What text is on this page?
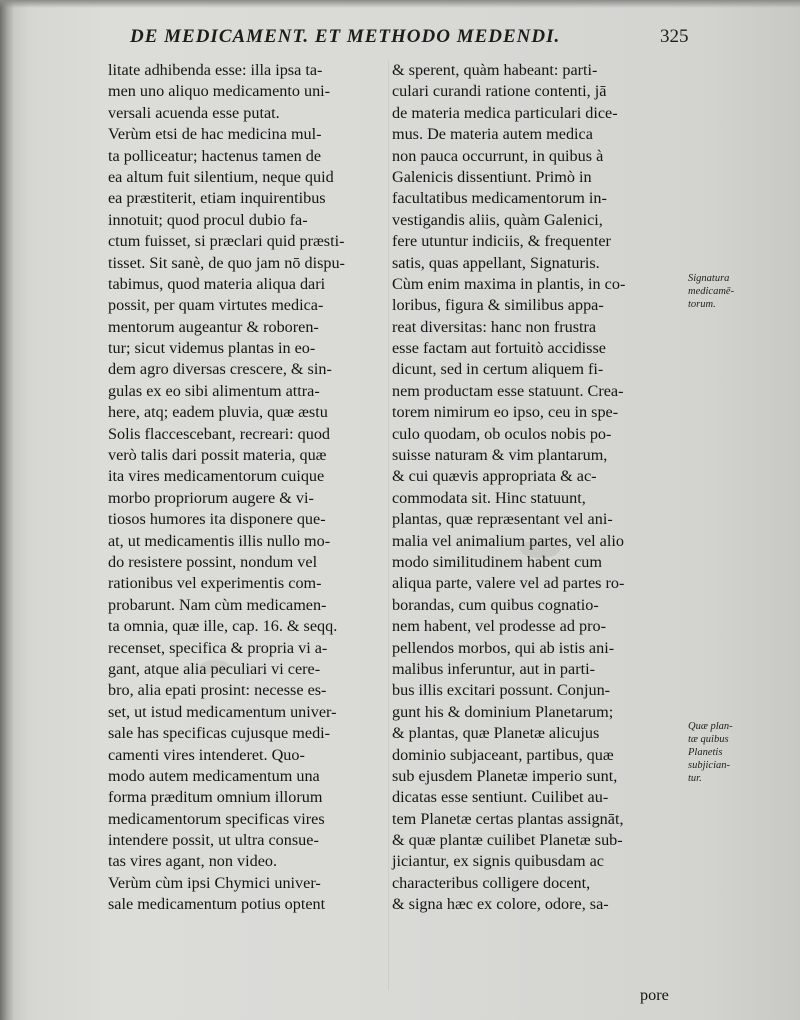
DE MEDICAMENT. ET METHODO MEDENDI.	325
litate adhibenda esse: illa ipsa ta-
men uno aliquo medicamento uni-
versali acuenda esse putat.
Verùm etsi de hac medicina mul-
ta polliceatur; hactenus tamen de
ea altum fuit silentium, neque quid
ea præstiterit, etiam inquirentibus
innotuit; quod procul dubio fa-
ctum fuisset, si præclari quid præsti-
tisset. Sit sanè, de quo jam nō dispu-
tabimus, quod materia aliqua dari
possit, per quam virtutes medica-
mentorum augeantur & roboren-
tur; sicut videmus plantas in eo-
dem agro diversas crescere, & sin-
gulas ex eo sibi alimentum attra-
here, atq; eadem pluvia, quæ æstu
Solis flaccescebant, recreari: quod
verò talis dari possit materia, quæ
ita vires medicamentorum cuique
morbo propriorum augere & vi-
tiosos humores ita disponere que-
at, ut medicamentis illis nullo mo-
do resistere possint, nondum vel
rationibus vel experimentis com-
probarunt. Nam cùm medicamen-
ta omnia, quæ ille, cap. 16. & seqq.
recenset, specifica & propria vi a-
gant, atque alia peculiari vi cere-
bro, alia epati prosint: necesse es-
set, ut istud medicamentum univer-
sale has specificas cujusque medi-
camenti vires intenderet. Quo-
modo autem medicamentum una
forma præditum omnium illorum
medicamentorum specificas vires
intendere possit, ut ultra consue-
tas vires agant, non video.
Verùm cùm ipsi Chymici univer-
sale medicamentum potius optent
& sperent, quàm habeant: parti-
culari curandi ratione contenti, jā
de materia medica particulari dice-
mus. De materia autem medica
non pauca occurrunt, in quibus à
Galenicis dissentiunt. Primò in
facultatibus medicamentorum in-
vestigandis aliis, quàm Galenici,
fere utuntur indiciis, & frequenter
satis, quas appellant, Signaturis.
Cùm enim maxima in plantis, in co-
loribus, figura & similibus appa-
reat diversitas: hanc non frustra
esse factam aut fortuitò accidisse
dicunt, sed in certum aliquem fi-
nem productam esse statuunt. Crea-
torem nimirum eo ipso, ceu in spe-
culo quodam, ob oculos nobis po-
suisse naturam & vim plantarum,
& cui quævis appropriata & ac-
commodata sit. Hinc statuunt,
plantas, quæ repræsentant vel ani-
malia vel animalium partes, vel alio
modo similitudinem habent cum
aliqua parte, valere vel ad partes ro-
borandas, cum quibus cognatio-
nem habent, vel prodesse ad pro-
pellendos morbos, qui ab istis ani-
malibus inferuntur, aut in parti-
bus illis excitari possunt. Conjun-
gunt his & dominium Planetarum;
& plantas, quæ Planetæ alicujus
dominio subjaceant, partibus, quæ
sub ejusdem Planetæ imperio sunt,
dicatas esse sentiunt. Cuilibet au-
tem Planetæ certas plantas assignāt,
& quæ plantæ cuilibet Planetæ sub-
jiciantur, ex signis quibusdam ac
characteribus colligere docent,
& signa hæc ex colore, odore, sa-
Signatura
medicamē-
torum.
Quæ plan-
tæ quibus
Planetis
subjician-
tur.
pore
